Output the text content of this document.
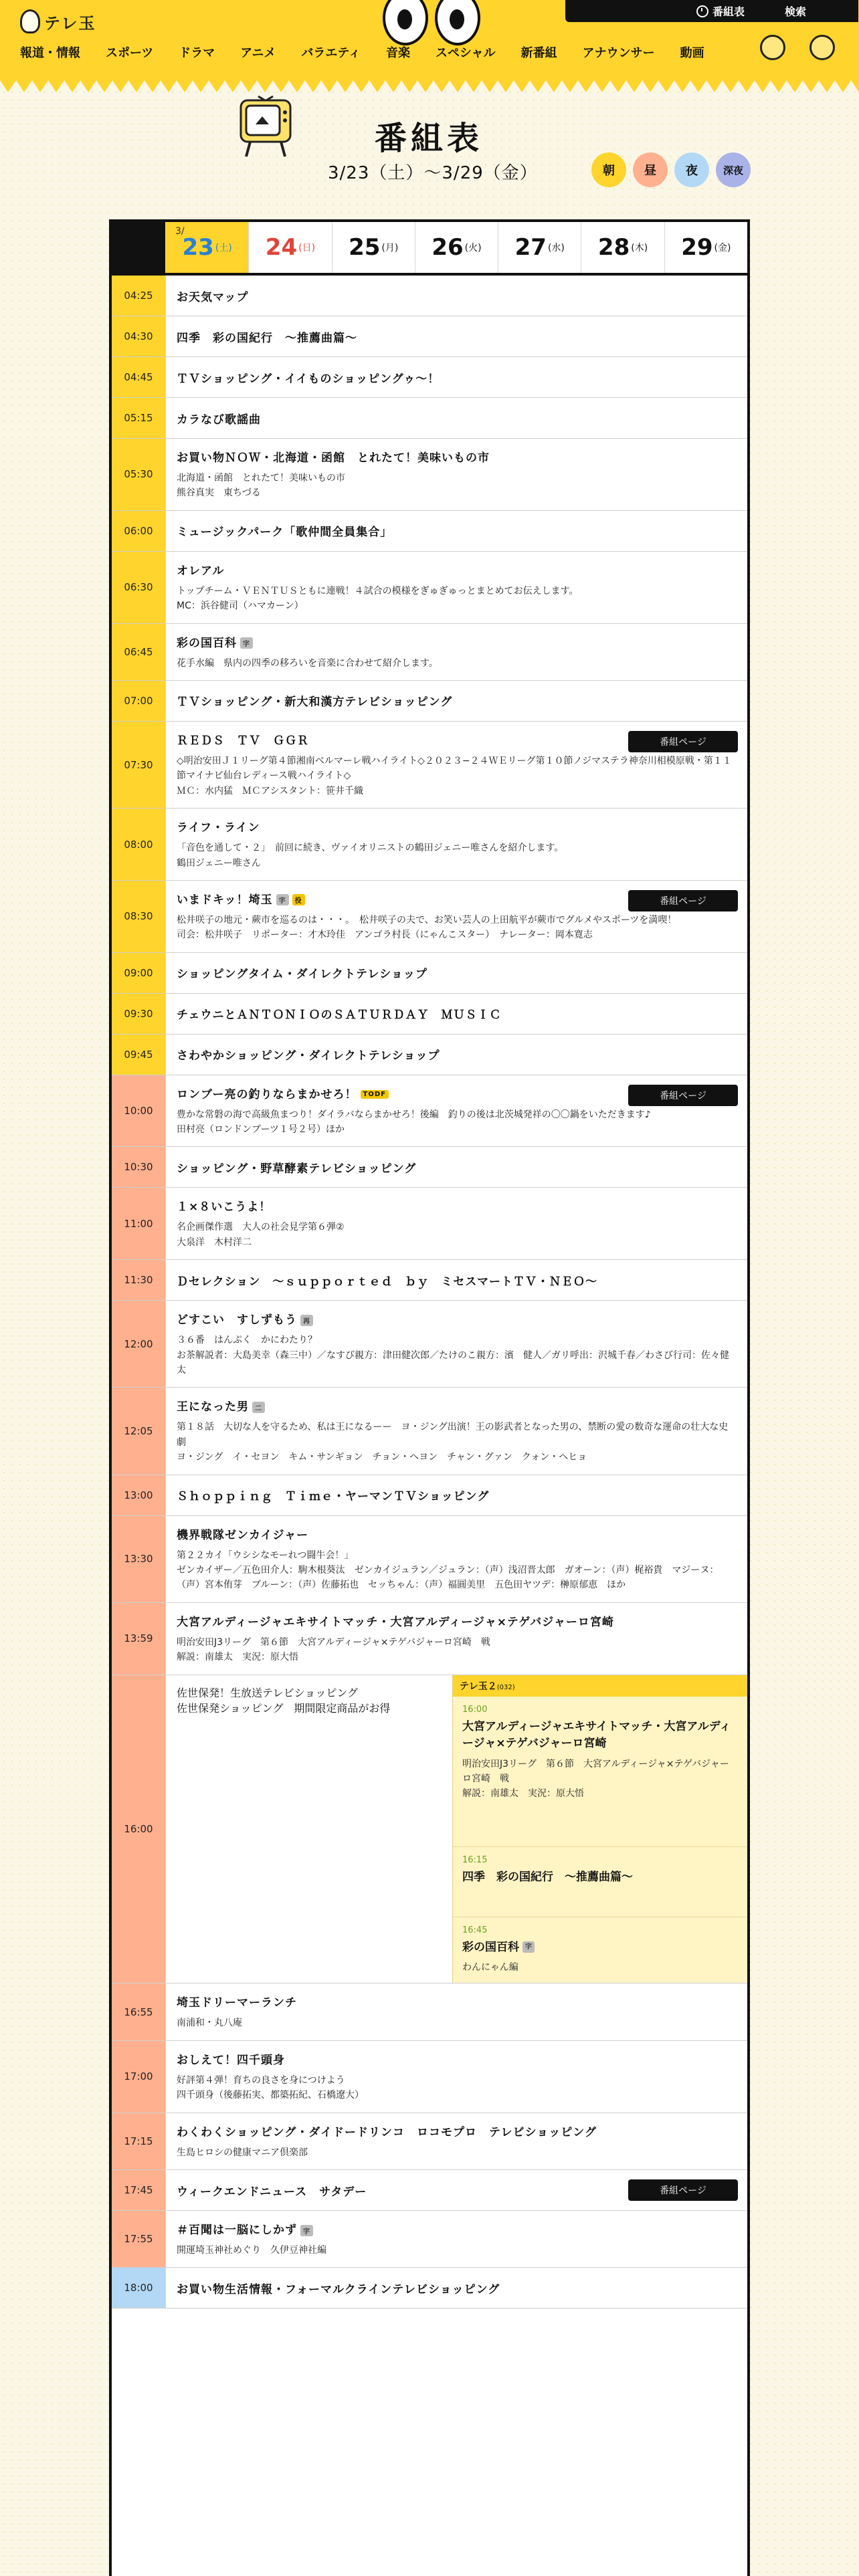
テレ玉
番組表	検索
報道・情報 スポーツ ドラマ アニメ バラエティ 音楽 スペシャル 新番組 アナウンサー 動画
番組表
3/23（土）〜3/29（金）	朝	昼	夜	深夜
3/
23 (土) 24 (日) 25 (月) 26 (火) 27 (水) 28 (木) 29 (金)
04:25	お天気マップ
04:30	四季　彩の国紀行　〜推薦曲篇〜
04:45	ＴＶショッピング・イイものショッピングゥ〜！
05:15	カラなび歌謡曲
05:30
お買い物ＮＯＷ・北海道・函館　とれたて！美味いもの市
北海道・函館　とれたて！美味いもの市
熊谷真実　東ちづる
06:00	ミュージックパーク「歌仲間全員集合」
06:30
オレアル
トップチーム・ＶＥＮＴＵＳともに連戦！４試合の模様をぎゅぎゅっとまとめてお伝えします。
MC：浜谷健司（ハマカーン）
06:45
彩の国百科 字
花手水編　県内の四季の移ろいを音楽に合わせて紹介します。
07:00	ＴＶショッピング・新大和漢方テレビショッピング
07:30
ＲＥＤＳ　ＴＶ　ＧＧＲ	番組ページ
◇明治安田Ｊ１リーグ第４節湘南ベルマーレ戦ハイライト◇２０２３−２４ＷＥリーグ第１０節ノジマステラ神奈川相模原戦・第１１節マイナビ仙台レディース戦ハイライト◇
ＭＣ：水内猛　ＭＣアシスタント：笹井千織
08:00
ライフ・ライン
「音色を通して・２」　前回に続き、ヴァイオリニストの鶴田ジェニー唯さんを紹介します。
鶴田ジェニー唯さん
08:30
いまドキッ！埼玉 字 役	番組ページ
松井咲子の地元・蕨市を巡るのは・・・。　松井咲子の夫で、お笑い芸人の上田航平が蕨市でグルメやスポーツを満喫！
司会：松井咲子　リポーター：才木玲佳　アンゴラ村長（にゃんこスター）　ナレーター：岡本寛志
09:00	ショッピングタイム・ダイレクトテレショップ
09:30	チェウニとＡＮＴＯＮＩＯのＳＡＴＵＲＤＡＹ　ＭＵＳＩＣ
09:45	さわやかショッピング・ダイレクトテレショップ
10:00
ロンブー亮の釣りならまかせろ！ TODF	番組ページ
豊かな常磐の海で高級魚まつり！ダイラバならまかせろ！後編　釣りの後は北茨城発祥の〇〇鍋をいただきます♪
田村亮（ロンドンブーツ１号２号）ほか
10:30	ショッピング・野草酵素テレビショッピング
11:00
１×８いこうよ！
名企画傑作選　大人の社会見学第６弾②
大泉洋　木村洋二
11:30	Ｄセレクション　〜ｓｕｐｐｏｒｔｅｄ　ｂｙ　ミセスマートＴＶ・ＮＥＯ〜
12:00
どすこい　すしずもう 再
３６番　はんぷく　かにわたり？
お茶解説者：大島美幸（森三中）／なすび親方：津田健次郎／たけのこ親方：濱　健人／ガリ呼出：沢城千春／わさび行司：佐々健太
12:05
王になった男 二
第１８話　大切な人を守るため、私は王になるーー　ヨ・ジング出演！王の影武者となった男の、禁断の愛の数奇な運命の壮大な史劇
ヨ・ジング　イ・セヨン　キム・サンギョン　チョン・ヘヨン　チャン・グァン　クォン・ヘヒョ
13:00	Ｓｈｏｐｐｉｎｇ　Ｔｉｍｅ・ヤーマンＴＶショッピング
13:30
機界戦隊ゼンカイジャー
第２２カイ「ウシシなモーれつ闘牛会！」
ゼンカイザー／五色田介人：駒木根葵汰　ゼンカイジュラン／ジュラン：（声）浅沼晋太郎　ガオーン：（声）梶裕貴　マジーヌ：（声）宮本侑芽　ブルーン：（声）佐藤拓也　セッちゃん：（声）福圓美里　五色田ヤツデ：榊原郁恵　ほか
13:59
大宮アルディージャエキサイトマッチ・大宮アルディージャ×テゲバジャーロ宮崎
明治安田J3リーグ　第６節　大宮アルディージャ×テゲバジャーロ宮崎　戦
解説：南雄太　実況：原大悟
16:00
佐世保発！生放送テレビショッピング
佐世保発ショッピング　期間限定商品がお得
テレ玉２(032)
16:00
大宮アルディージャエキサイトマッチ・大宮アルディージャ×テゲバジャーロ宮崎
明治安田J3リーグ　第６節　大宮アルディージャ×テゲバジャーロ宮崎　戦
解説：南雄太　実況：原大悟
16:15
四季　彩の国紀行　〜推薦曲篇〜
16:45
彩の国百科 字
わんにゃん編
16:55
埼玉ドリーマーランチ
南浦和・丸八庵
17:00
おしえて！四千頭身
好評第４弾！育ちの良さを身につけよう
四千頭身（後藤拓実、都築拓紀、石橋遼大）
17:15
わくわくショッピング・ダイドードリンコ　ロコモプロ　テレビショッピング
生島ヒロシの健康マニア倶楽部
17:45	ウィークエンドニュース　サタデー	番組ページ
17:55
＃百聞は一脳にしかず 字
開運埼玉神社めぐり　久伊豆神社編
18:00	お買い物生活情報・フォーマルクラインテレビショッピング
